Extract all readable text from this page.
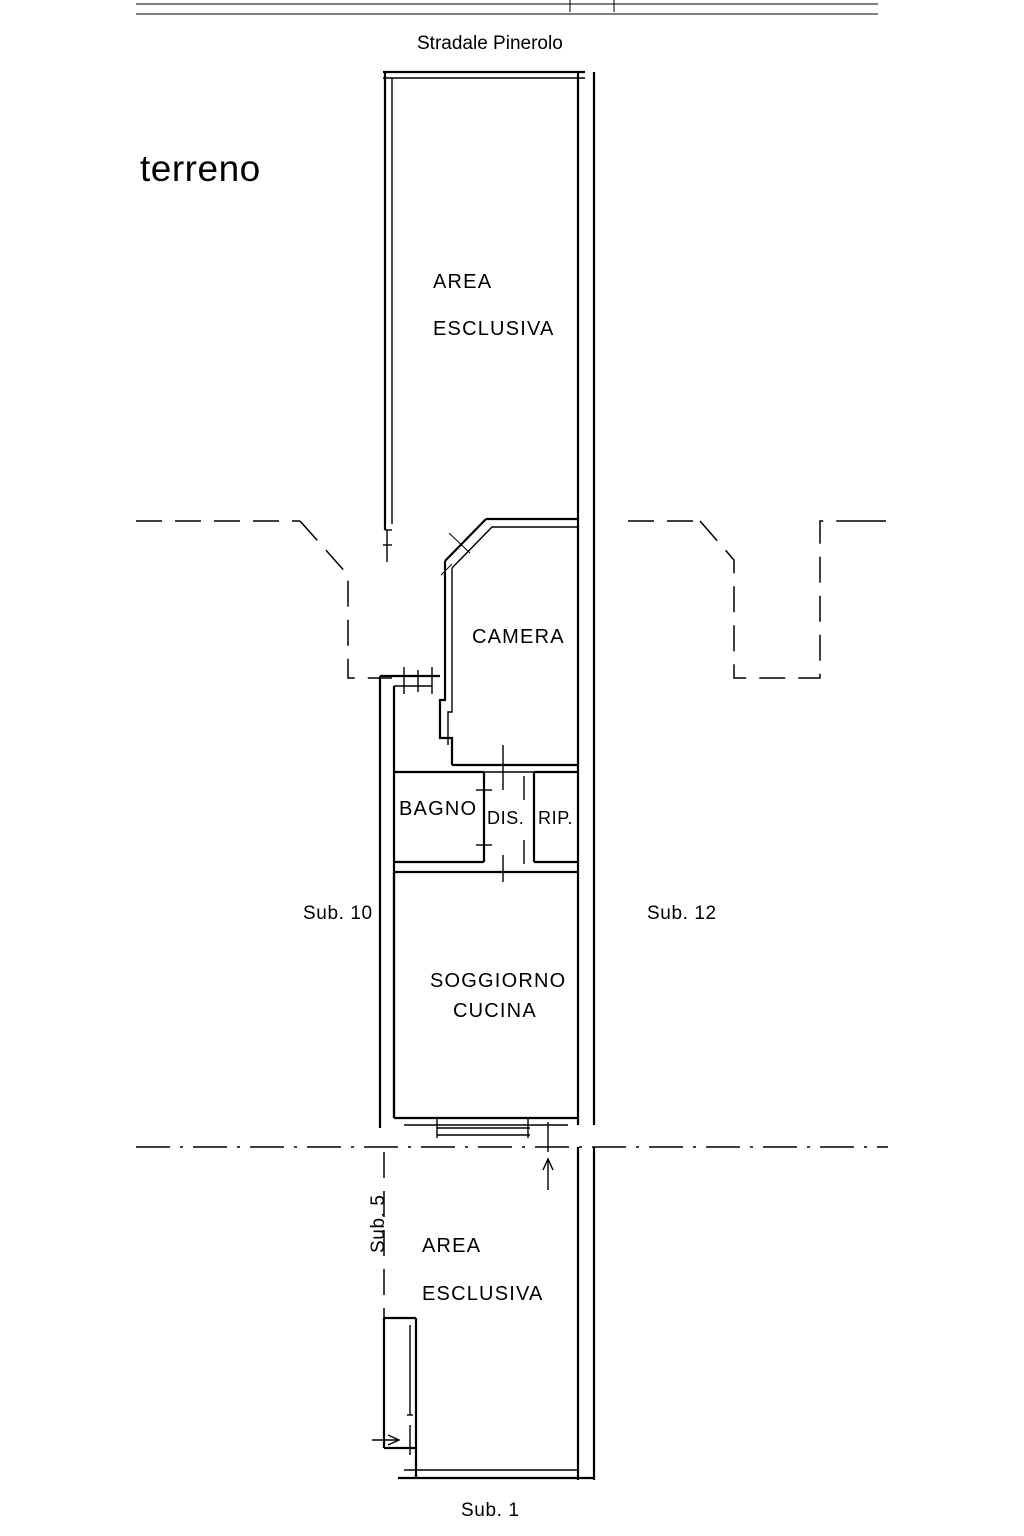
Stradale Pinerolo
terreno
AREA
ESCLUSIVA
CAMERA
BAGNO DIS. RIP.
SOGGIORNO
CUCINA
AREA
ESCLUSIVA
Sub. 10	Sub. 12
Sub. 5
Sub. 1
